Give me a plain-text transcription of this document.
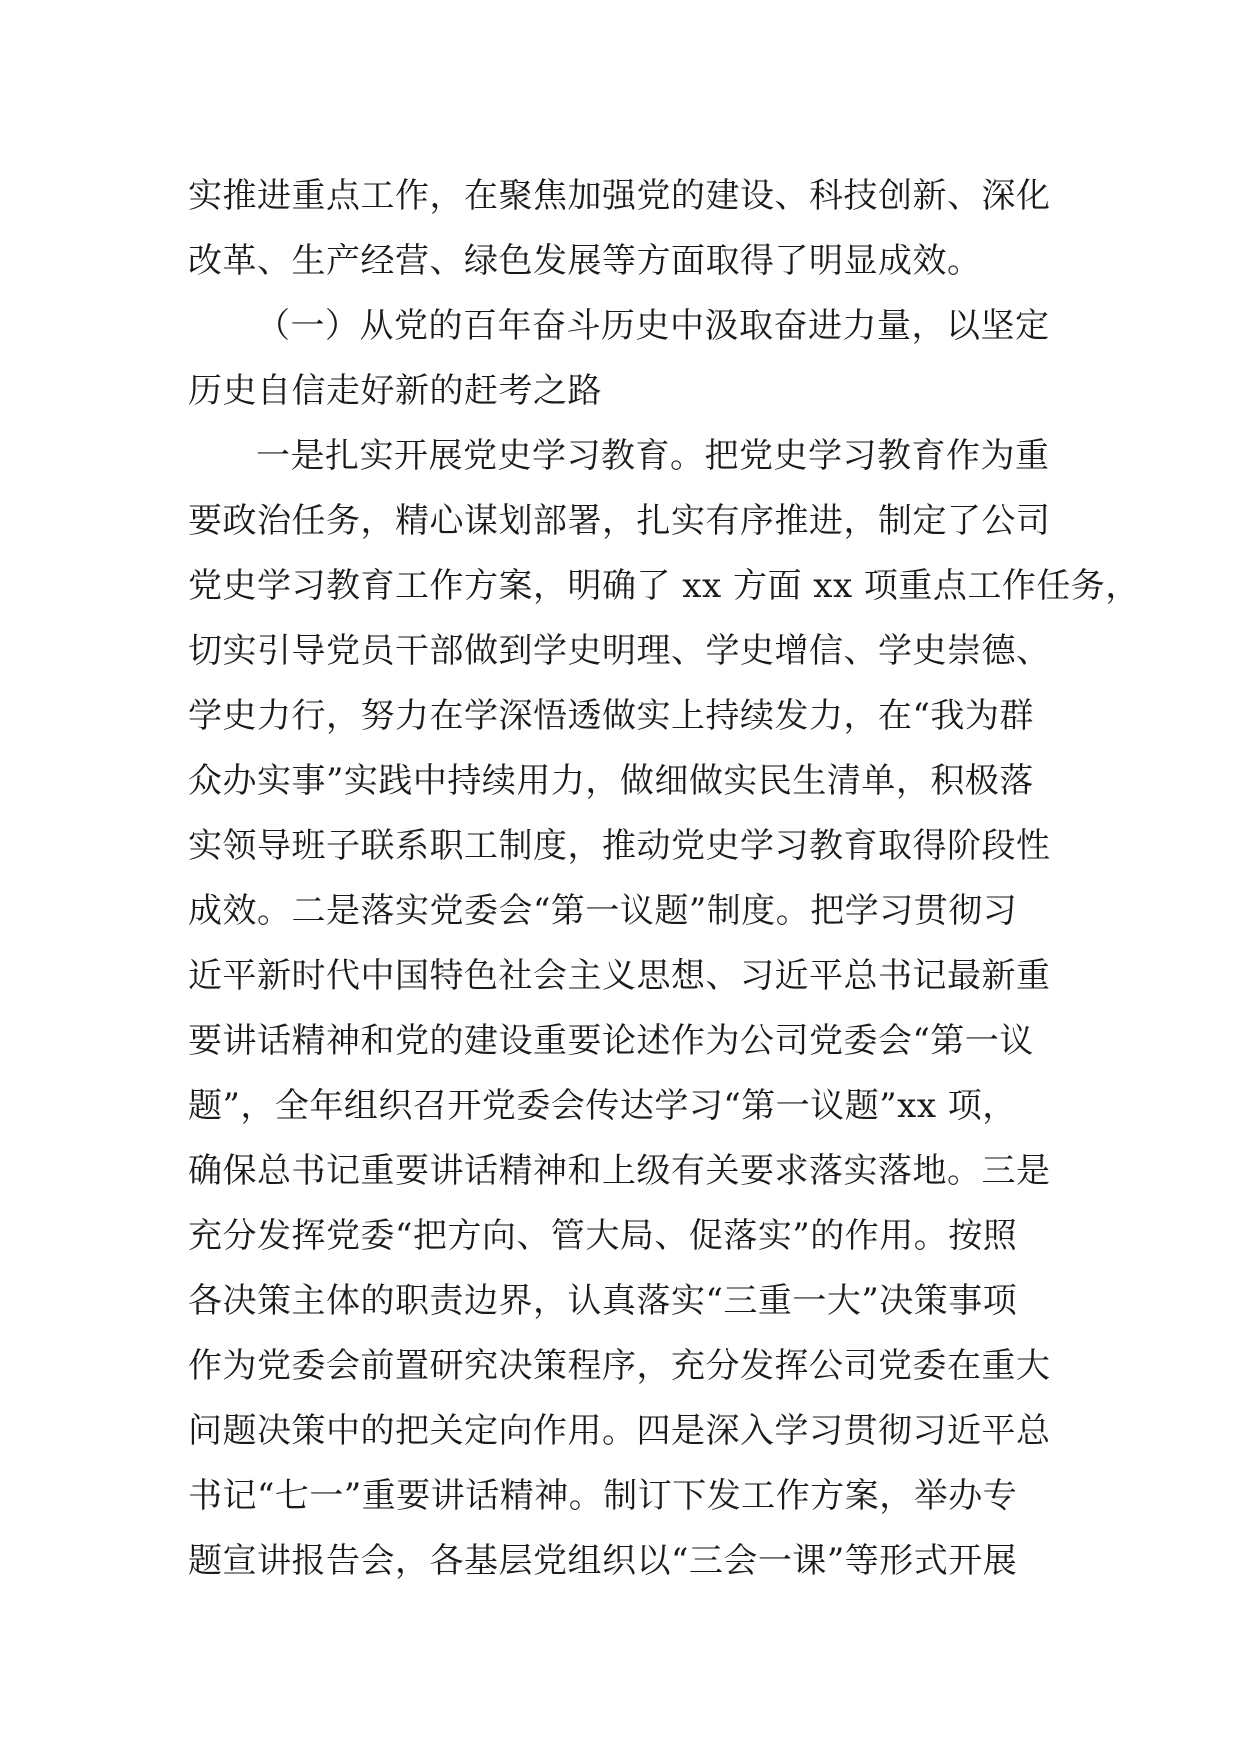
实推进重点工作，在聚焦加强党的建设、科技创新、深化
改革、生产经营、绿色发展等方面取得了明显成效。
（一）从党的百年奋斗历史中汲取奋进力量，以坚定
历史自信走好新的赶考之路
一是扎实开展党史学习教育。把党史学习教育作为重
要政治任务，精心谋划部署，扎实有序推进，制定了公司
党史学习教育工作方案，明确了 xx 方面 xx 项重点工作任务，
切实引导党员干部做到学史明理、学史增信、学史崇德、
学史力行，努力在学深悟透做实上持续发力，在“我为群
众办实事”实践中持续用力，做细做实民生清单，积极落
实领导班子联系职工制度，推动党史学习教育取得阶段性
成效。二是落实党委会“第一议题”制度。把学习贯彻习
近平新时代中国特色社会主义思想、习近平总书记最新重
要讲话精神和党的建设重要论述作为公司党委会“第一议
题”，全年组织召开党委会传达学习“第一议题”xx 项，
确保总书记重要讲话精神和上级有关要求落实落地。三是
充分发挥党委“把方向、管大局、促落实”的作用。按照
各决策主体的职责边界，认真落实“三重一大”决策事项
作为党委会前置研究决策程序，充分发挥公司党委在重大
问题决策中的把关定向作用。四是深入学习贯彻习近平总
书记“七一”重要讲话精神。制订下发工作方案，举办专
题宣讲报告会，各基层党组织以“三会一课”等形式开展
